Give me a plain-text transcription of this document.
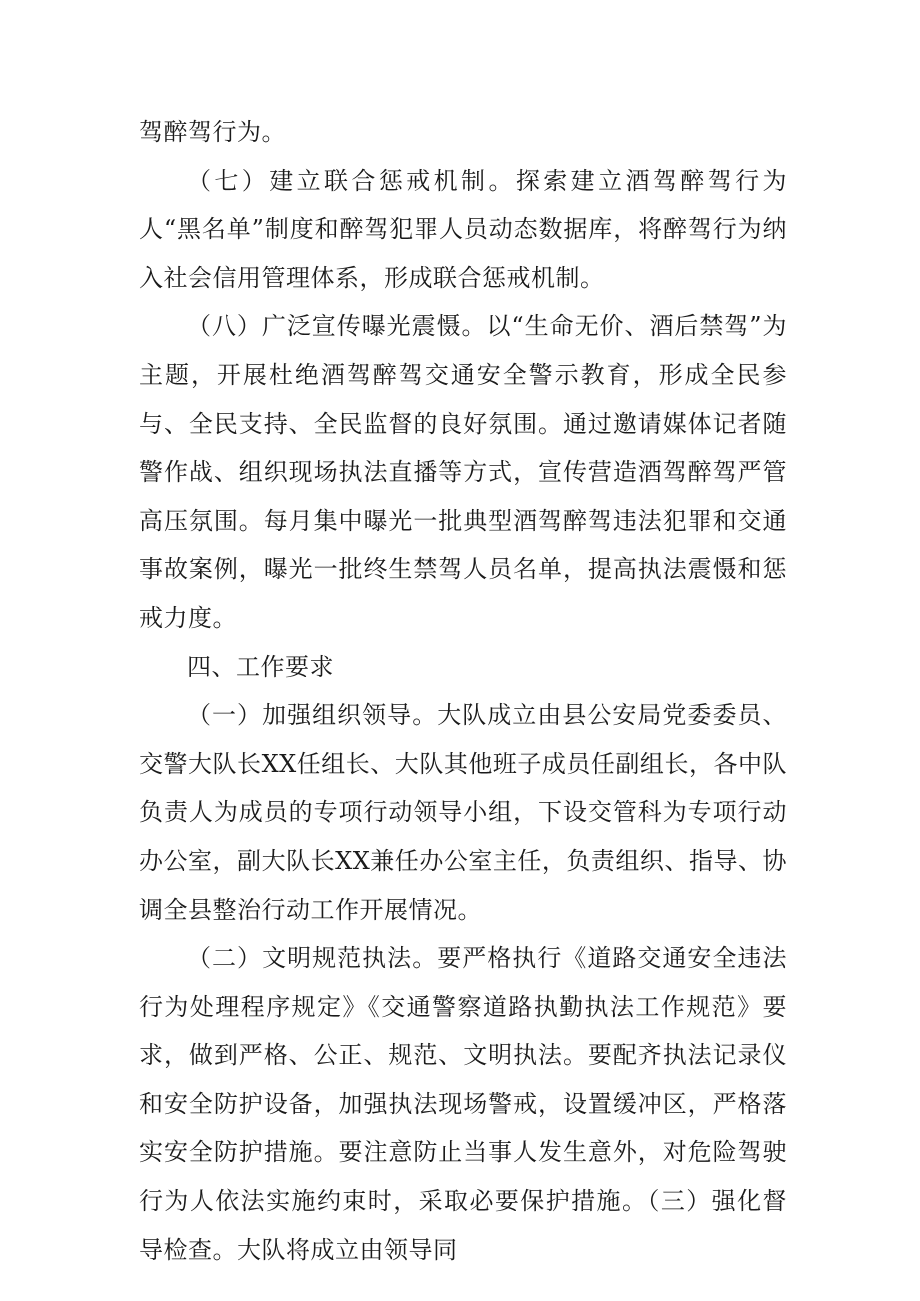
驾醉驾行为。

（七）建立联合惩戒机制。探索建立酒驾醉驾行为人“黑名单”制度和醉驾犯罪人员动态数据库，将醉驾行为纳入社会信用管理体系，形成联合惩戒机制。

（八）广泛宣传曝光震慑。以“生命无价、酒后禁驾”为主题，开展杜绝酒驾醉驾交通安全警示教育，形成全民参与、全民支持、全民监督的良好氛围。通过邀请媒体记者随警作战、组织现场执法直播等方式，宣传营造酒驾醉驾严管高压氛围。每月集中曝光一批典型酒驾醉驾违法犯罪和交通事故案例，曝光一批终生禁驾人员名单，提高执法震慑和惩戒力度。

四、工作要求

（一）加强组织领导。大队成立由县公安局党委委员、交警大队长XX任组长、大队其他班子成员任副组长，各中队负责人为成员的专项行动领导小组，下设交管科为专项行动办公室，副大队长XX兼任办公室主任，负责组织、指导、协调全县整治行动工作开展情况。

（二）文明规范执法。要严格执行《道路交通安全违法行为处理程序规定》《交通警察道路执勤执法工作规范》要求，做到严格、公正、规范、文明执法。要配齐执法记录仪和安全防护设备，加强执法现场警戒，设置缓冲区，严格落实安全防护措施。要注意防止当事人发生意外，对危险驾驶行为人依法实施约束时，采取必要保护措施。（三）强化督导检查。大队将成立由领导同
